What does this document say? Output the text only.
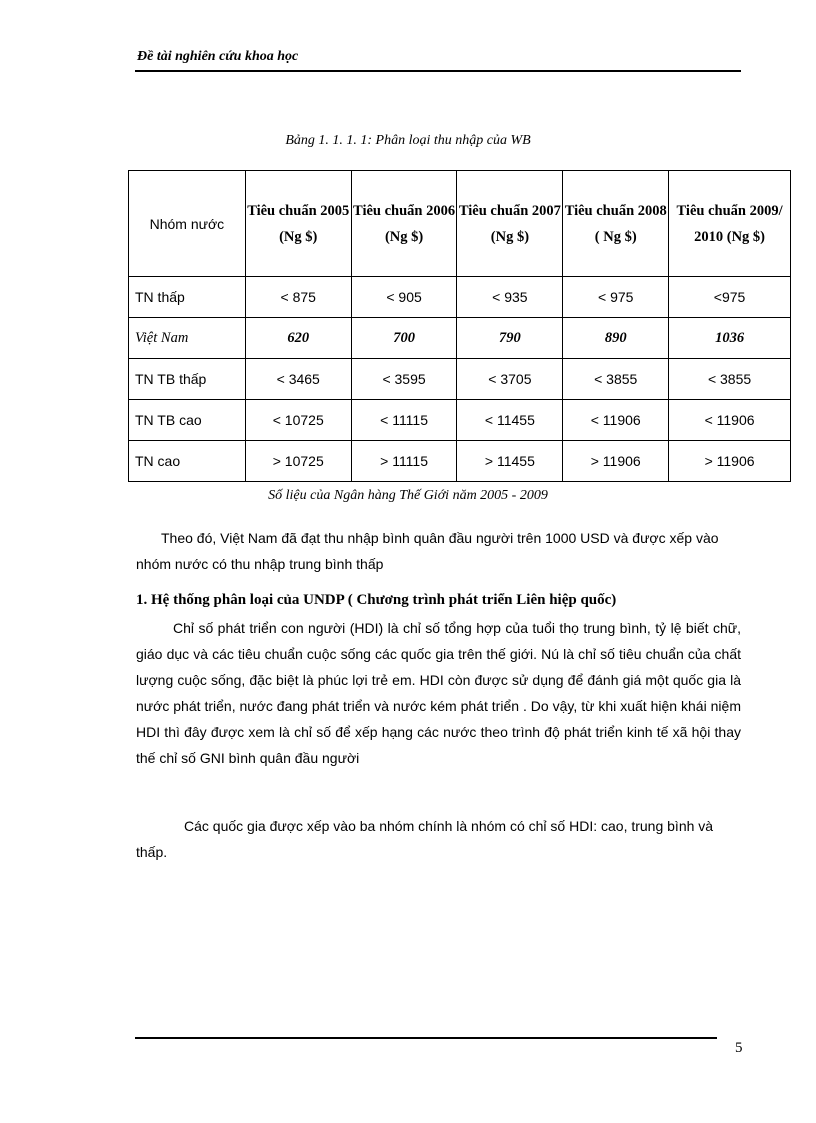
Đề tài nghiên cứu khoa học
Bảng 1. 1. 1. 1: Phân loại thu nhập của WB
Nhóm nước	Tiêu chuẩn 2005 (Ng $)	Tiêu chuẩn 2006 (Ng $)	Tiêu chuẩn 2007 (Ng $)	Tiêu chuẩn 2008 ( Ng $)	Tiêu chuẩn 2009/ 2010 (Ng $)
TN thấp	< 875	< 905	< 935	< 975	<975
Việt Nam	620	700	790	890	1036
TN TB thấp	< 3465	< 3595	< 3705	< 3855	< 3855
TN TB cao	< 10725	< 11115	< 11455	< 11906	< 11906
TN cao	> 10725	> 11115	> 11455	> 11906	> 11906
Số liệu của Ngân hàng Thế Giới năm 2005 - 2009
Theo đó, Việt Nam đã đạt thu nhập bình quân đầu người trên 1000 USD và được xếp vào nhóm nước có thu nhập trung bình thấp
1. Hệ thống phân loại của UNDP ( Chương trình phát triển Liên hiệp quốc)
Chỉ số phát triển con người (HDI) là chỉ số tổng hợp của tuổi thọ trung bình, tỷ lệ biết chữ, giáo dục và các tiêu chuẩn cuộc sống các quốc gia trên thế giới. Nú là chỉ số tiêu chuẩn của chất lượng cuộc sống, đặc biệt là phúc lợi trẻ em. HDI còn được sử dụng để đánh giá một quốc gia là nước phát triển, nước đang phát triển và nước kém phát triển . Do vậy, từ khi xuất hiện khái niệm HDI thì đây được xem là chỉ số để xếp hạng các nước theo trình độ phát triển kinh tế xã hội thay thế chỉ số GNI bình quân đầu người
Các quốc gia được xếp vào ba nhóm chính là nhóm có chỉ số HDI: cao, trung bình và thấp.
5
